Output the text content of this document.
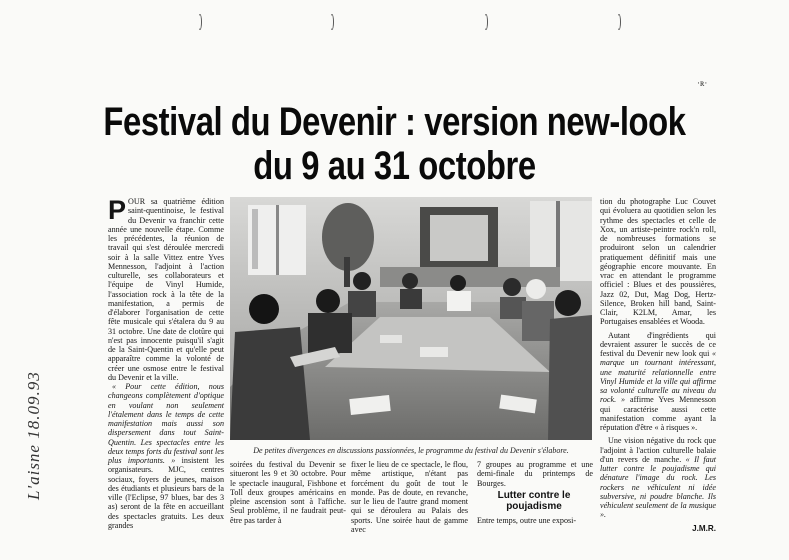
·ʀ·
Festival du Devenir : version new-look
du 9 au 31 octobre
L'aisne 18.09.93

POUR sa quatrième édition saint-quentinoise, le festival du Devenir va franchir cette année une nouvelle étape. Comme les précédentes, la réunion de travail qui s'est déroulée mercredi soir à la salle Vittez entre Yves Mennesson, l'adjoint à l'action culturelle, ses collaborateurs et l'équipe de Vinyl Humide, l'association rock à la tête de la manifestation, a permis de d'élaborer l'organisation de cette fête musicale qui s'étalera du 9 au 31 octobre. Une date de clotûre qui n'est pas innocente puisqu'il s'agit de la Saint-Quentin et qu'elle peut apparaître comme la volonté de créer une osmose entre le festival du Devenir et la ville.

« Pour cette édition, nous changeons complètement d'optique en voulant non seulement l'étalement dans le temps de cette manifestation mais aussi son dispersement dans tout Saint-Quentin. Les spectacles entre les deux temps forts du festival sont les plus importants. » insistent les organisateurs. MJC, centres sociaux, foyers de jeunes, maison des étudiants et plusieurs bars de la ville (l'Eclipse, 97 blues, bar des 3 as) seront de la fête en accueillant des spectacles gratuits. Les deux grandes

De petites divergences en discussions passionnées, le programme du festival du Devenir s'élabore.

soirées du festival du Devenir se situeront les 9 et 30 octobre. Pour le spectacle inaugural, Fishbone et Toll deux groupes américains en pleine ascension sont à l'affiche. Seul problème, il ne faudrait peut-être pas tarder à

fixer le lieu de ce spectacle, le flou, même artistique, n'étant pas forcément du goût de tout le monde. Pas de doute, en revanche, sur le lieu de l'autre grand moment qui se déroulera au Palais des sports. Une soirée haut de gamme avec

7 groupes au programme et une demi-finale du printemps de Bourges.

Lutter contre le poujadisme

Entre temps, outre une exposi-

tion du photographe Luc Couvet qui évoluera au quotidien selon les rythme des spectacles et celle de Xox, un artiste-peintre rock'n roll, de nombreuses formations se produiront selon un calendrier pratiquement définitif mais une géographie encore mouvante. En vrac en attendant le programme officiel : Blues et des poussières, Jazz 02, Dut, Mag Dog, Hertz-Silence, Broken hill band, Saint-Clair, K2LM, Amar, les Portugaises ensablées et Wooda.

Autant d'ingrédients qui devraient assurer le succès de ce festival du Devenir new look qui « marque un tournant intéressant, une maturité relationnelle entre Vinyl Humide et la ville qui affirme sa volonté culturelle au niveau du rock. » affirme Yves Mennesson qui caractérise aussi cette manifestation comme ayant la réputation d'être « à risques ».

Une vision négative du rock que l'adjoint à l'action culturelle balaie d'un revers de manche. « Il faut lutter contre le poujadisme qui dénature l'image du rock. Les rockers ne véhiculent ni idée subversive, ni poudre blanche. Ils véhiculent seulement de la musique ».

J.M.R.
